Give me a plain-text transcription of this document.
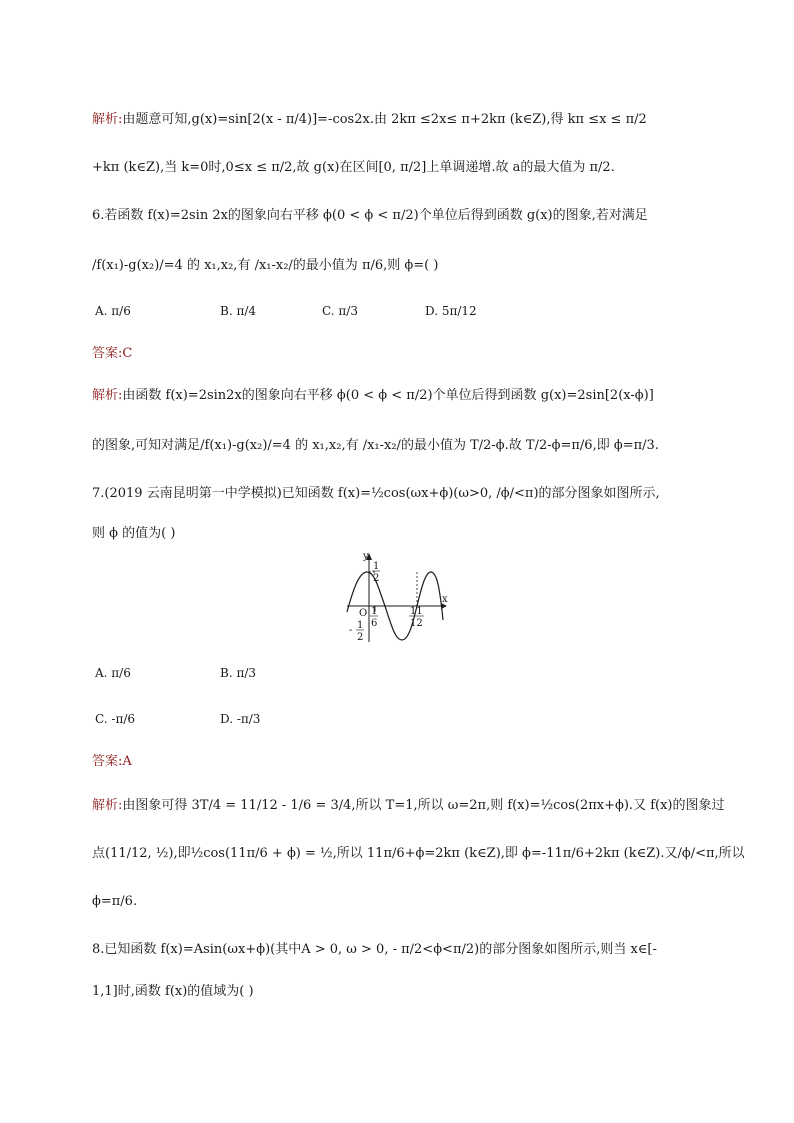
解析:由题意可知,g(x)=sin[2(x - π/4)]=-cos2x.由 2kπ ≤2x≤ π+2kπ (k∈Z),得 kπ ≤x ≤ π/2
+kπ (k∈Z),当 k=0时,0≤x ≤ π/2,故 g(x)在区间[0, π/2]上单调递增.故 a的最大值为 π/2.
6.若函数 f(x)=2sin 2x的图象向右平移 ϕ(0 < ϕ < π/2)个单位后得到函数 g(x)的图象,若对满足
/f(x₁)-g(x₂)/=4 的 x₁,x₂,有 /x₁-x₂/的最小值为 π/6,则 ϕ=( )
A. π/6	B. π/4	C. π/3	D. 5π/12
答案:C
解析:由函数 f(x)=2sin2x的图象向右平移 ϕ(0 < ϕ < π/2)个单位后得到函数 g(x)=2sin[2(x-ϕ)]
的图象,可知对满足/f(x₁)-g(x₂)/=4 的 x₁,x₂,有 /x₁-x₂/的最小值为 T/2-ϕ.故 T/2-ϕ=π/6,即 ϕ=π/3.
7.(2019 云南昆明第一中学模拟)已知函数 f(x)=½cos(ωx+ϕ)(ω>0, /ϕ/<π)的部分图象如图所示,
则 ϕ 的值为( )
y
x
O
1
2
1
6
11
12
- 1
2
A. π/6	B. π/3
C. -π/6	D. -π/3
答案:A
解析:由图象可得 3T/4 = 11/12 - 1/6 = 3/4,所以 T=1,所以 ω=2π,则 f(x)=½cos(2πx+ϕ).又 f(x)的图象过
点(11/12, ½),即½cos(11π/6 + ϕ) = ½,所以 11π/6+ϕ=2kπ (k∈Z),即 ϕ=-11π/6+2kπ (k∈Z).又/ϕ/<π,所以
ϕ=π/6.
8.已知函数 f(x)=Asin(ωx+ϕ)(其中A > 0, ω > 0, - π/2<ϕ<π/2)的部分图象如图所示,则当 x∈[-
1,1]时,函数 f(x)的值域为( )
